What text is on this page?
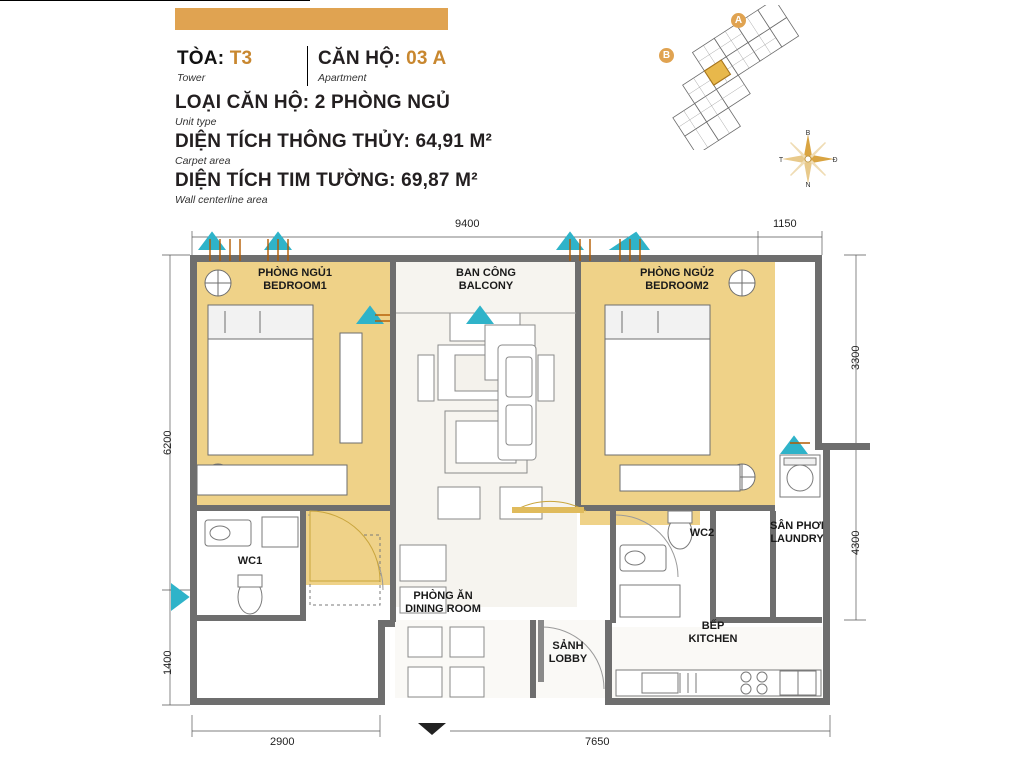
TÒA: T3
Tower
CĂN HỘ: 03 A
Apartment
LOẠI CĂN HỘ: 2 PHÒNG NGỦ
Unit type
DIỆN TÍCH THÔNG THỦY: 64,91 M²
Carpet area
DIỆN TÍCH TIM TƯỜNG: 69,87 M²
Wall centerline area
A
B
B
N
T	Đ
9400	1150
6200
1400
3300
4300
2900	7650
PHÒNG NGỦ1
BEDROOM1
BAN CÔNG
BALCONY
PHÒNG NGỦ2
BEDROOM2
WC1
WC2
SÂN PHƠI
LAUNDRY
PHÒNG ĂN
DINING ROOM
BẾP
KITCHEN
SẢNH
LOBBY
